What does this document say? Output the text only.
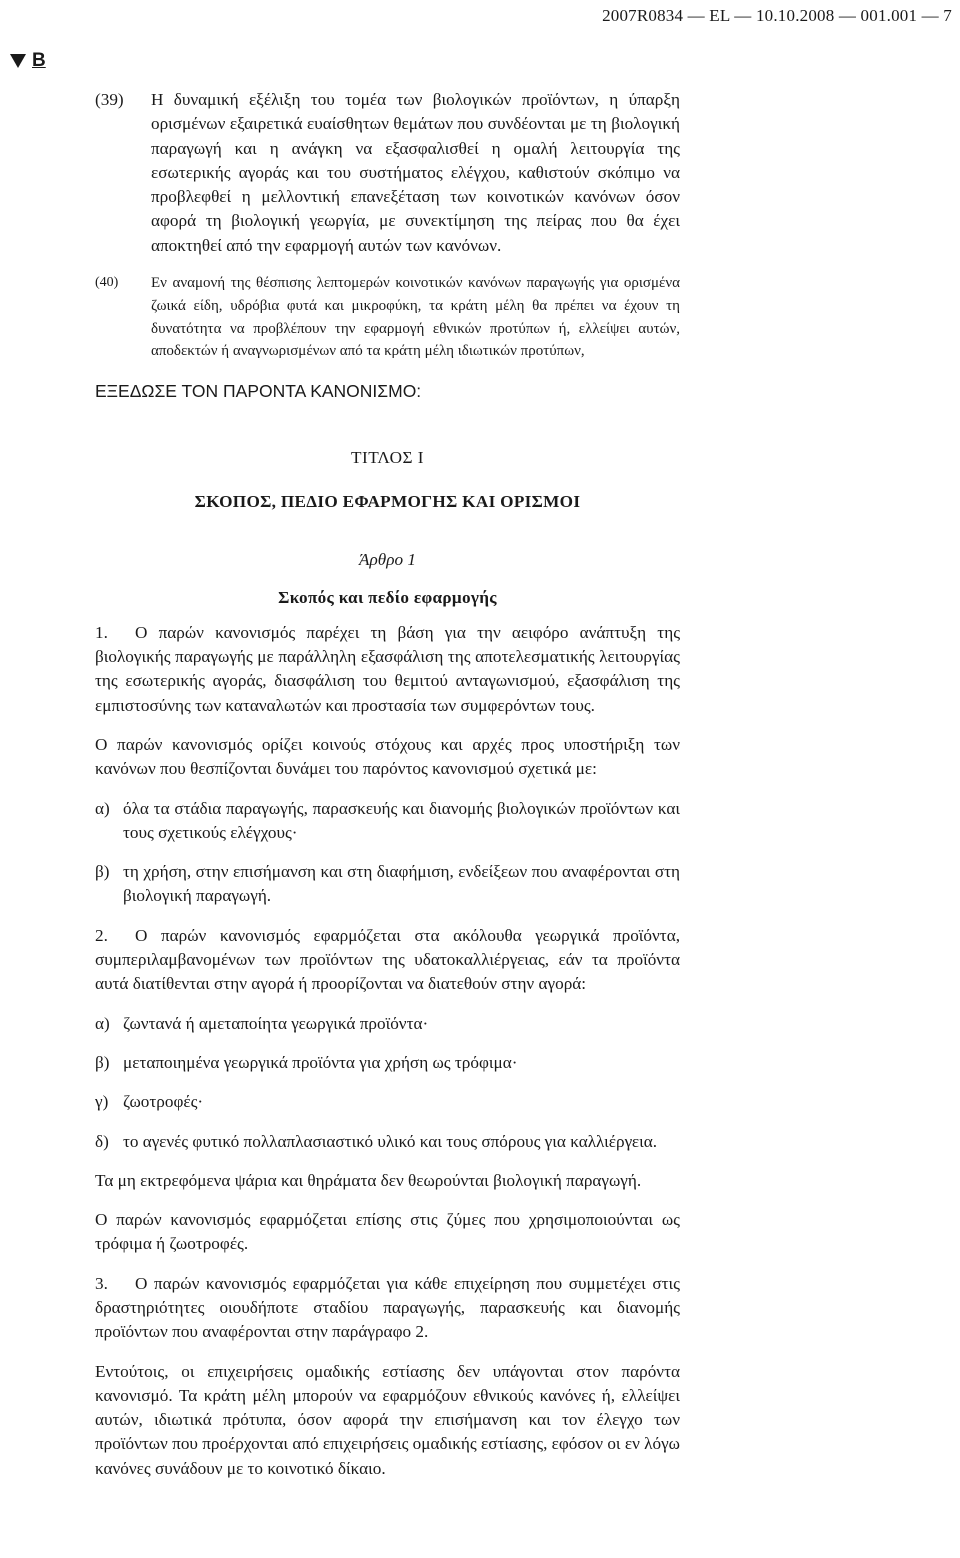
2007R0834 — EL — 10.10.2008 — 001.001 — 7
B
(39)	Η δυναμική εξέλιξη του τομέα των βιολογικών προϊόντων, η ύπαρξη ορισμένων εξαιρετικά ευαίσθητων θεμάτων που συνδέονται με τη βιολογική παραγωγή και η ανάγκη να εξασφαλισθεί η ομαλή λειτουργία της εσωτερικής αγοράς και του συστήματος ελέγχου, καθιστούν σκόπιμο να προβλεφθεί η μελλοντική επανεξέταση των κοινοτικών κανόνων όσον αφορά τη βιολογική γεωργία, με συνεκτίμηση της πείρας που θα έχει αποκτηθεί από την εφαρμογή αυτών των κανόνων.
(40)	Εν αναμονή της θέσπισης λεπτομερών κοινοτικών κανόνων παραγωγής για ορισμένα ζωικά είδη, υδρόβια φυτά και μικροφύκη, τα κράτη μέλη θα πρέπει να έχουν τη δυνατότητα να προβλέπουν την εφαρμογή εθνικών προτύπων ή, ελλείψει αυτών, αποδεκτών ή αναγνωρισμένων από τα κράτη μέλη ιδιωτικών προτύπων,
ΕΞΕΔΩΣΕ ΤΟΝ ΠΑΡΟΝΤΑ ΚΑΝΟΝΙΣΜΟ:
ΤΙΤΛΟΣ I
ΣΚΟΠΟΣ, ΠΕΔΙΟ ΕΦΑΡΜΟΓΗΣ ΚΑΙ ΟΡΙΣΜΟΙ
Άρθρο 1
Σκοπός και πεδίο εφαρμογής

1. Ο παρών κανονισμός παρέχει τη βάση για την αειφόρο ανάπτυξη της βιολογικής παραγωγής με παράλληλη εξασφάλιση της αποτελεσματικής λειτουργίας της εσωτερικής αγοράς, διασφάλιση του θεμιτού ανταγωνισμού, εξασφάλιση της εμπιστοσύνης των καταναλωτών και προστασία των συμφερόντων τους.

Ο παρών κανονισμός ορίζει κοινούς στόχους και αρχές προς υποστήριξη των κανόνων που θεσπίζονται δυνάμει του παρόντος κανονισμού σχετικά με:

α) όλα τα στάδια παραγωγής, παρασκευής και διανομής βιολογικών προϊόντων και τους σχετικούς ελέγχους·
β) τη χρήση, στην επισήμανση και στη διαφήμιση, ενδείξεων που αναφέρονται στη βιολογική παραγωγή.

2. Ο παρών κανονισμός εφαρμόζεται στα ακόλουθα γεωργικά προϊόντα, συμπεριλαμβανομένων των προϊόντων της υδατοκαλλιέργειας, εάν τα προϊόντα αυτά διατίθενται στην αγορά ή προορίζονται να διατεθούν στην αγορά:

α) ζωντανά ή αμεταποίητα γεωργικά προϊόντα·
β) μεταποιημένα γεωργικά προϊόντα για χρήση ως τρόφιμα·
γ) ζωοτροφές·
δ) το αγενές φυτικό πολλαπλασιαστικό υλικό και τους σπόρους για καλλιέργεια.

Τα μη εκτρεφόμενα ψάρια και θηράματα δεν θεωρούνται βιολογική παραγωγή.

Ο παρών κανονισμός εφαρμόζεται επίσης στις ζύμες που χρησιμοποιούνται ως τρόφιμα ή ζωοτροφές.

3. Ο παρών κανονισμός εφαρμόζεται για κάθε επιχείρηση που συμμετέχει στις δραστηριότητες οιουδήποτε σταδίου παραγωγής, παρασκευής και διανομής προϊόντων που αναφέρονται στην παράγραφο 2.

Εντούτοις, οι επιχειρήσεις ομαδικής εστίασης δεν υπάγονται στον παρόντα κανονισμό. Τα κράτη μέλη μπορούν να εφαρμόζουν εθνικούς κανόνες ή, ελλείψει αυτών, ιδιωτικά πρότυπα, όσον αφορά την επισήμανση και τον έλεγχο των προϊόντων που προέρχονται από επιχειρήσεις ομαδικής εστίασης, εφόσον οι εν λόγω κανόνες συνάδουν με το κοινοτικό δίκαιο.
